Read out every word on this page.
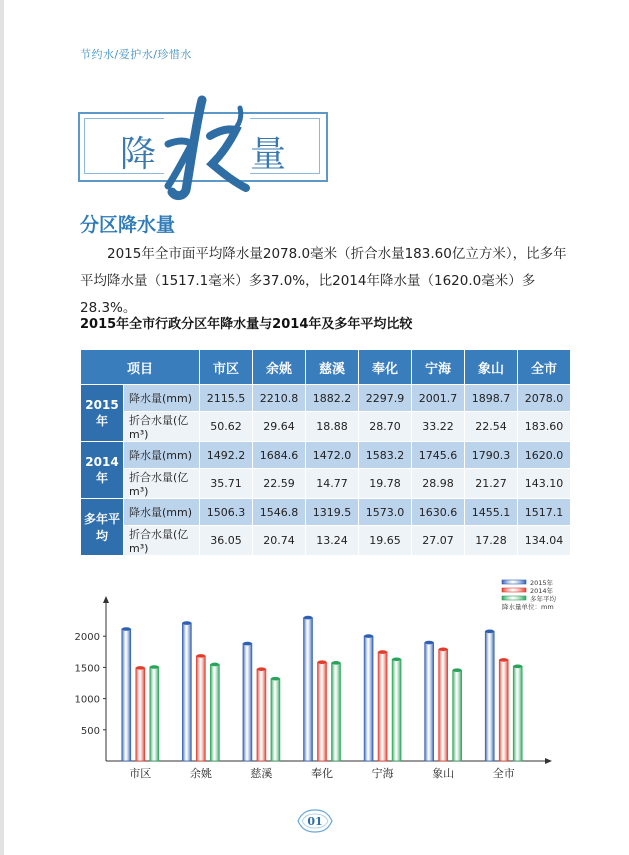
节约水/爱护水/珍惜水
降	量
分区降水量
2015年全市面平均降水量2078.0毫米（折合水量183.60亿立方米），比多年平均降水量（1517.1毫米）多37.0%，比2014年降水量（1620.0毫米）多28.3%。
2015年全市行政分区年降水量与2014年及多年平均比较
项目		市区	余姚	慈溪	奉化	宁海	象山	全市
2015年	降水量(mm)	2115.5	2210.8	1882.2	2297.9	2001.7	1898.7	2078.0
	折合水量(亿m³)	50.62	29.64	18.88	28.70	33.22	22.54	183.60
2014年	降水量(mm)	1492.2	1684.6	1472.0	1583.2	1745.6	1790.3	1620.0
	折合水量(亿m³)	35.71	22.59	14.77	19.78	28.98	21.27	143.10
多年平均	降水量(mm)	1506.3	1546.8	1319.5	1573.0	1630.6	1455.1	1517.1
	折合水量(亿m³)	36.05	20.74	13.24	19.65	27.07	17.28	134.04
2000
1500
1000
500
市区	余姚	慈溪	奉化	宁海	象山	全市
2015年
2014年
多年平均
降水量单位：mm
01
